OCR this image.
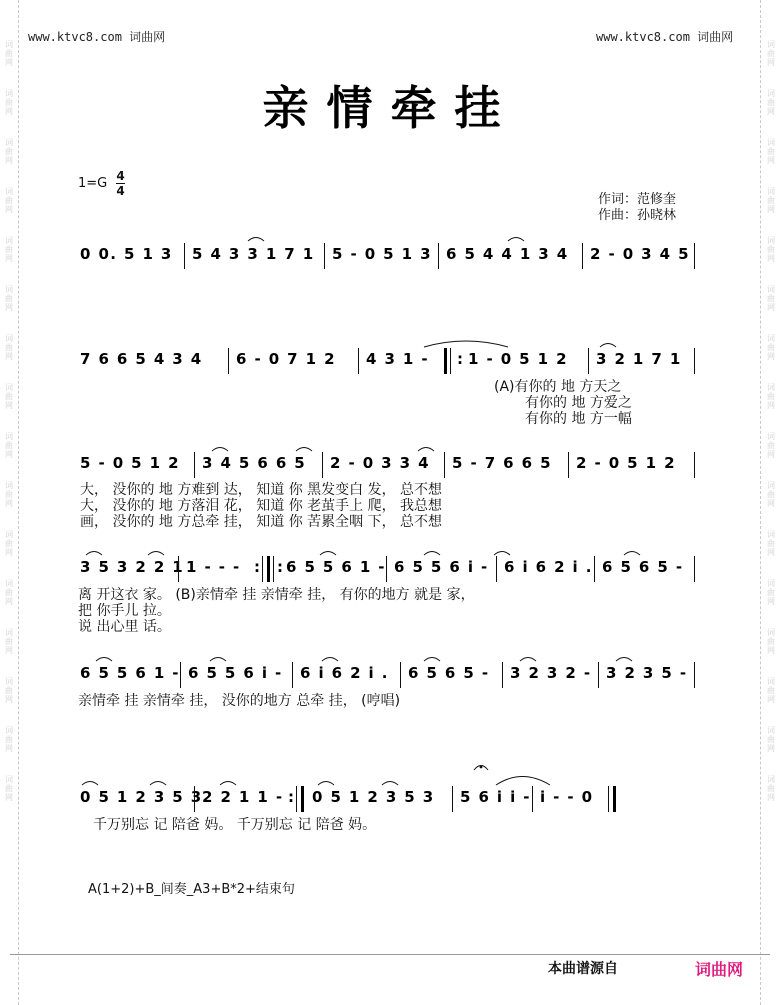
词曲网
词曲网
词曲网
词曲网
词曲网
词曲网
词曲网
词曲网
词曲网
词曲网
词曲网
词曲网
词曲网
词曲网
词曲网
词曲网
词曲网
词曲网
词曲网
词曲网
词曲网
词曲网
词曲网
词曲网
词曲网
词曲网
词曲网
词曲网
词曲网
词曲网
词曲网
词曲网
www.ktvc8.com 词曲网	www.ktvc8.com 词曲网
亲情牵挂
1=G 4
4
作词：范修奎
作曲：孙晓林
0 0. 5 1 3 5 4 3 3 1 7 1 5 - 0 5 1 3 6 5 4 4 1 3 4 2 - 0 3 4 5
7 6 6 5 4 3 4 6 - 0 7 1 2 4 3 1 - : 1 - 0 5 1 2 3 2 1 7 1
(A)有你的 地 方天之
有你的 地 方爱之
有你的 地 方一幅
5 - 0 5 1 2 3 4 5 6 6 5 2 - 0 3 3 4 5 - 7 6 6 5 2 - 0 5 1 2
大， 没你的 地 方难到 达， 知道 你 黑发变白 发， 总不想
大， 没你的 地 方落泪 花， 知道 你 老茧手上 爬， 我总想
画， 没你的 地 方总牵 挂， 知道 你 苦累全咽 下， 总不想
3 5 3 2 2 1 1 - - - : : 6 5 5 6 1 - 6 5 5 6 i - 6 i 6 2 i . 6 5 6 5 -
离 开这衣 家。 (B)亲情牵 挂 亲情牵 挂， 有你的地方 就是 家，
把 你手儿 拉。
说 出心里 话。
6 5 5 6 1 - 6 5 5 6 i - 6 i 6 2 i . 6 5 6 5 - 3 2 3 2 - 3 2 3 5 -
亲情牵 挂 亲情牵 挂， 没你的地方 总牵 挂， (哼唱)
0 5 1 2 3 5 3 2 2 1 1 - : 0 5 1 2 3 5 3 5 6 i i - i - - 0
千万别忘 记 陪爸 妈。 千万别忘 记 陪爸 妈。
A(1+2)+B_间奏_A3+B*2+结束句
本曲谱源自	词曲网
